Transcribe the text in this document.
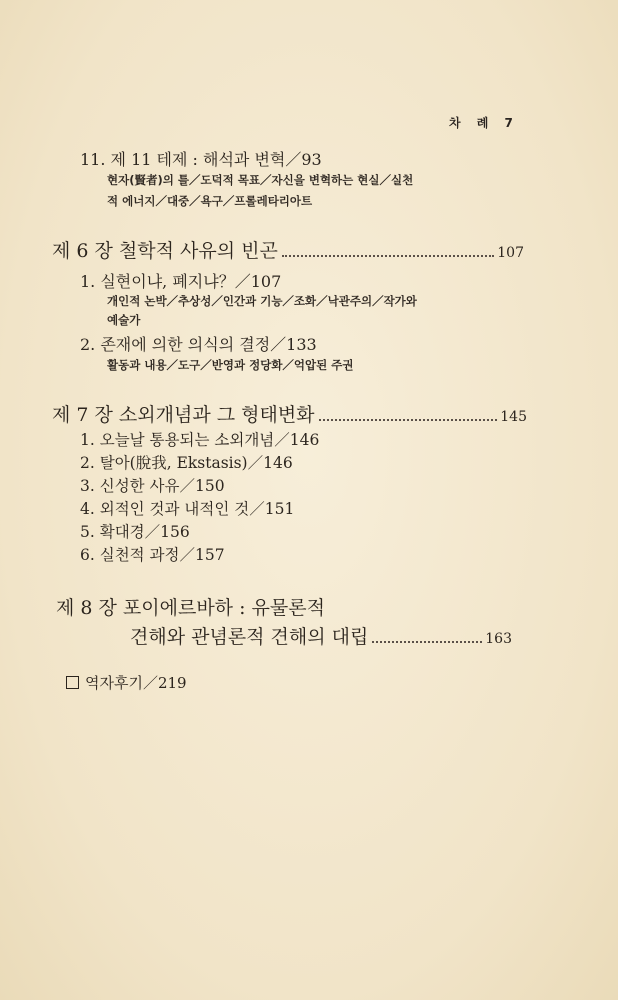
차 례 7
11. 제 11 테제 : 해석과 변혁／93
현자(賢者)의 틀／도덕적 목표／자신을 변혁하는 현실／실천
적 에너지／대중／욕구／프롤레타리아트
제 6 장 철학적 사유의 빈곤	107
1. 실현이냐, 폐지냐？／107
개인적 논박／추상성／인간과 기능／조화／낙관주의／작가와
예술가
2. 존재에 의한 의식의 결정／133
활동과 내용／도구／반영과 정당화／억압된 주권
제 7 장 소외개념과 그 형태변화	145
1. 오늘날 통용되는 소외개념／146
2. 탈아(脫我, Ekstasis)／146
3. 신성한 사유／150
4. 외적인 것과 내적인 것／151
5. 확대경／156
6. 실천적 과정／157
제 8 장 포이에르바하 : 유물론적
견해와 관념론적 견해의 대립	163
역자후기／219
